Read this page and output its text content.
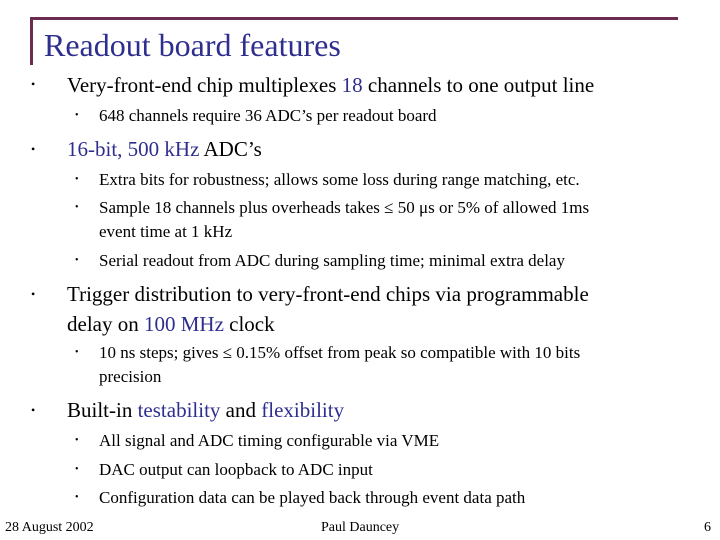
Readout board features
• Very-front-end chip multiplexes 18 channels to one output line
• 648 channels require 36 ADC’s per readout board
• 16-bit, 500 kHz ADC’s
• Extra bits for robustness; allows some loss during range matching, etc.
• Sample 18 channels plus overheads takes ≤ 50 μs or 5% of allowed 1ms
event time at 1 kHz
• Serial readout from ADC during sampling time; minimal extra delay
• Trigger distribution to very-front-end chips via programmable
delay on 100 MHz clock
• 10 ns steps; gives ≤ 0.15% offset from peak so compatible with 10 bits
precision
• Built-in testability and flexibility
• All signal and ADC timing configurable via VME
• DAC output can loopback to ADC input
• Configuration data can be played back through event data path
28 August 2002	Paul Dauncey	6
